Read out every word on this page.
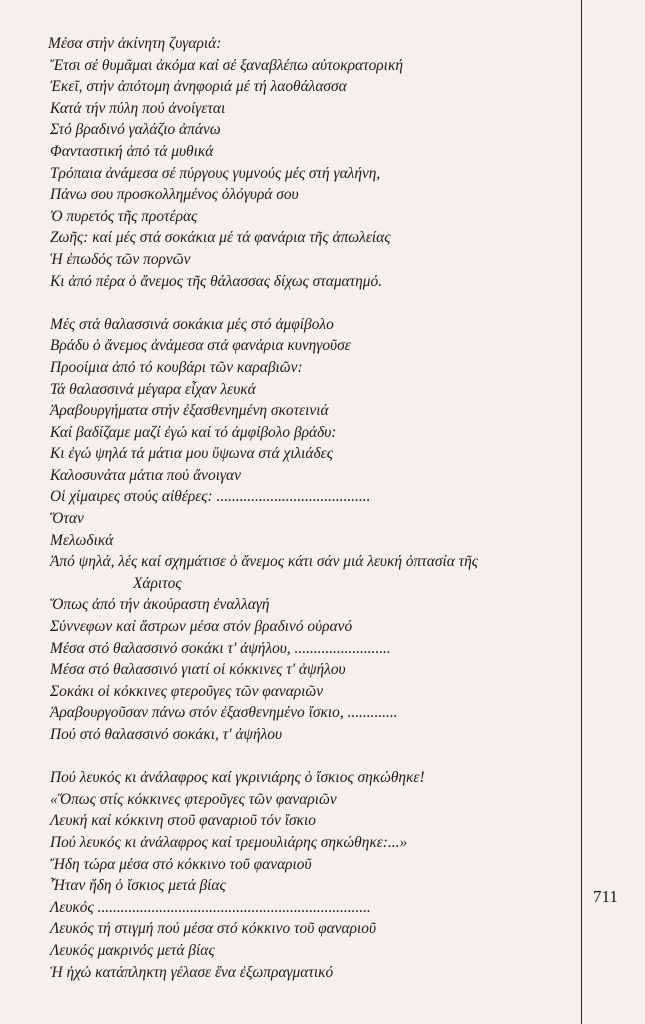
Μέσα στήν ἀκίνητη ζυγαριά:
Ἔτσι σέ θυμᾶμαι ἀκόμα καί σέ ξαναβλέπω αὐτοκρατορική
Ἐκεῖ, στήν ἀπότομη ἀνηφοριά μέ τή λαοθάλασσα
Κατά τήν πύλη πού ἀνοίγεται
Στό βραδινό γαλάζιο ἀπάνω
Φανταστική ἀπό τά μυθικά
Τρόπαια ἀνάμεσα σέ πύργους γυμνούς μές στή γαλήνη,
Πάνω σου προσκολλημένος ὀλόγυρά σου
Ὁ πυρετός τῆς προτέρας
Ζωῆς: καί μές στά σοκάκια μέ τά φανάρια τῆς ἀπωλείας
Ἡ ἐπωδός τῶν πορνῶν
Κι ἀπό πέρα ὁ ἄνεμος τῆς θάλασσας δίχως σταματημό.
Μές στά θαλασσινά σοκάκια μές στό ἀμφίβολο
Βράδυ ὁ ἄνεμος ἀνάμεσα στά φανάρια κυνηγοῦσε
Προοίμια ἀπό τό κουβάρι τῶν καραβιῶν:
Τά θαλασσινά μέγαρα εἶχαν λευκά
Ἀραβουργήματα στήν ἐξασθενημένη σκοτεινιά
Καί βαδίζαμε μαζί ἐγώ καί τό ἀμφίβολο βράδυ:
Κι ἐγώ ψηλά τά μάτια μου ὕψωνα στά χιλιάδες
Καλοσυνάτα μάτια πού ἄνοιγαν
Οἱ χίμαιρες στούς αἰθέρες: ........................................
Ὅταν
Μελωδικά
Ἀπό ψηλά, λές καί σχημάτισε ὁ ἄνεμος κάτι σάν μιά λευκή ὀπτασία τῆς
Χάριτος
Ὅπως ἀπό τήν ἀκούραστη ἐναλλαγή
Σύννεφων καί ἄστρων μέσα στόν βραδινό οὐρανό
Μέσα στό θαλασσινό σοκάκι τ' ἀψήλου, .........................
Μέσα στό θαλασσινό γιατί οἱ κόκκινες τ' ἀψήλου
Σοκάκι οἱ κόκκινες φτεροῦγες τῶν φαναριῶν
Ἀραβουργοῦσαν πάνω στόν ἐξασθενημένο ἴσκιο, .............
Πού στό θαλασσινό σοκάκι, τ' ἀψήλου
Πού λευκός κι ἀνάλαφρος καί γκρινιάρης ὁ ἴσκιος σηκώθηκε!
«Ὅπως στίς κόκκινες φτεροῦγες τῶν φαναριῶν
Λευκή καί κόκκινη στοῦ φαναριοῦ τόν ἴσκιο
Πού λευκός κι ἀνάλαφρος καί τρεμουλιάρης σηκώθηκε:...»
Ἤδη τώρα μέσα στό κόκκινο τοῦ φαναριοῦ
Ἦταν ἤδη ὁ ἴσκιος μετά βίας
Λευκός .......................................................................
Λευκός τή στιγμή πού μέσα στό κόκκινο τοῦ φαναριοῦ
Λευκός μακρινός μετά βίας
Ἡ ἠχώ κατάπληκτη γέλασε ἕνα ἐξωπραγματικό
711
